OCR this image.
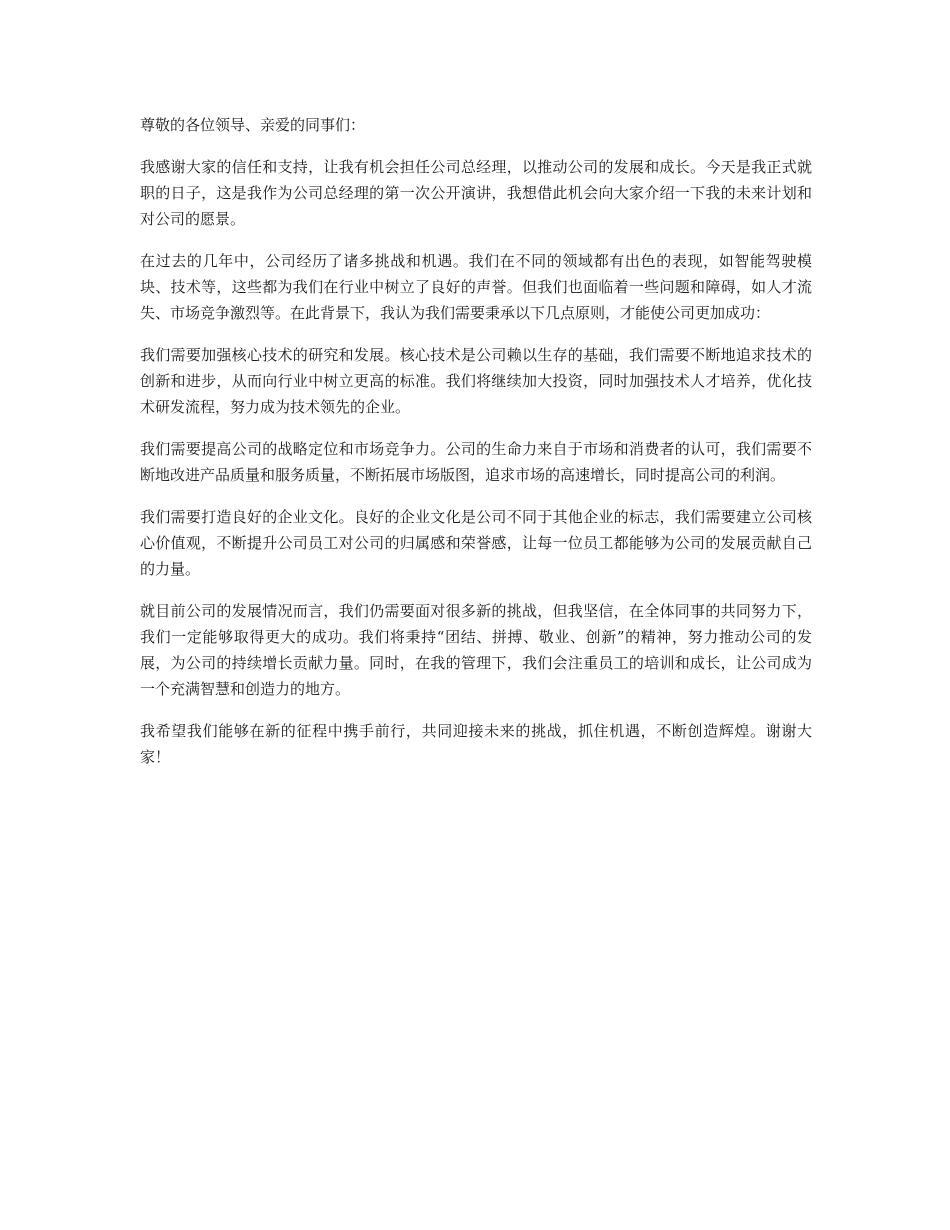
尊敬的各位领导、亲爱的同事们：

我感谢大家的信任和支持，让我有机会担任公司总经理，以推动公司的发展和成长。今天是我正式就职的日子，这是我作为公司总经理的第一次公开演讲，我想借此机会向大家介绍一下我的未来计划和对公司的愿景。

在过去的几年中，公司经历了诸多挑战和机遇。我们在不同的领域都有出色的表现，如智能驾驶模块、技术等，这些都为我们在行业中树立了良好的声誉。但我们也面临着一些问题和障碍，如人才流失、市场竞争激烈等。在此背景下，我认为我们需要秉承以下几点原则，才能使公司更加成功：

我们需要加强核心技术的研究和发展。核心技术是公司赖以生存的基础，我们需要不断地追求技术的创新和进步，从而向行业中树立更高的标准。我们将继续加大投资，同时加强技术人才培养，优化技术研发流程，努力成为技术领先的企业。

我们需要提高公司的战略定位和市场竞争力。公司的生命力来自于市场和消费者的认可，我们需要不断地改进产品质量和服务质量，不断拓展市场版图，追求市场的高速增长，同时提高公司的利润。

我们需要打造良好的企业文化。良好的企业文化是公司不同于其他企业的标志，我们需要建立公司核心价值观，不断提升公司员工对公司的归属感和荣誉感，让每一位员工都能够为公司的发展贡献自己的力量。

就目前公司的发展情况而言，我们仍需要面对很多新的挑战，但我坚信，在全体同事的共同努力下，我们一定能够取得更大的成功。我们将秉持“团结、拼搏、敬业、创新”的精神，努力推动公司的发展，为公司的持续增长贡献力量。同时，在我的管理下，我们会注重员工的培训和成长，让公司成为一个充满智慧和创造力的地方。

我希望我们能够在新的征程中携手前行，共同迎接未来的挑战，抓住机遇，不断创造辉煌。谢谢大家！
